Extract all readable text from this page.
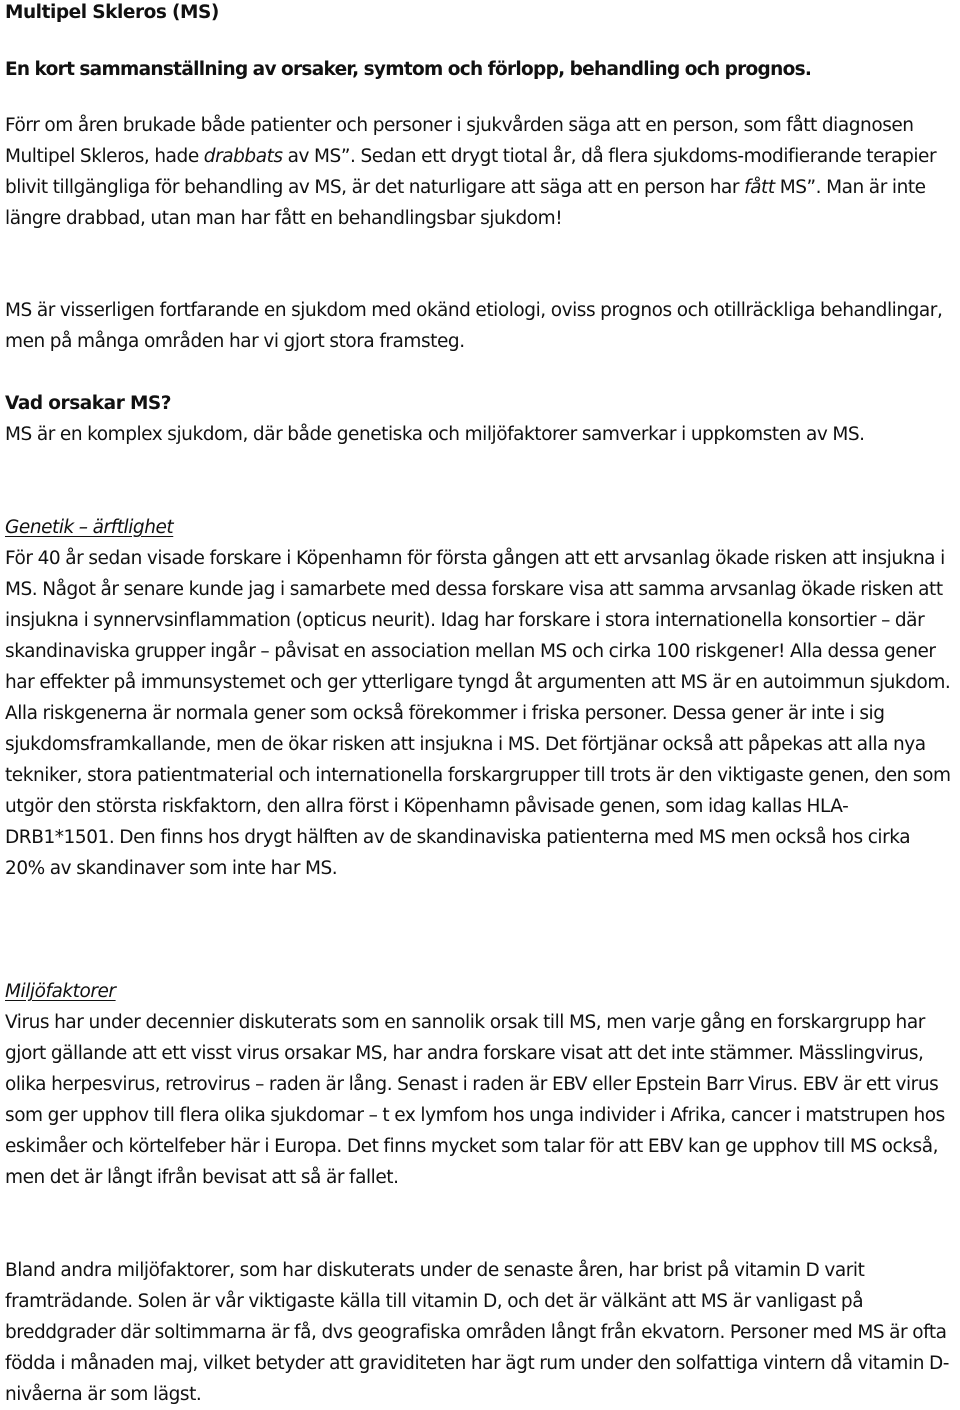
Multipel Skleros (MS)

En kort sammanställning av orsaker, symtom och förlopp, behandling och prognos.

Förr om åren brukade både patienter och personer i sjukvården säga att en person, som fått diagnosen Multipel Skleros, hade drabbats av MS”. Sedan ett drygt tiotal år, då flera sjukdoms-modifierande terapier blivit tillgängliga för behandling av MS, är det naturligare att säga att en person har fått MS”. Man är inte längre drabbad, utan man har fått en behandlingsbar sjukdom!

MS är visserligen fortfarande en sjukdom med okänd etiologi, oviss prognos och otillräckliga behandlingar, men på många områden har vi gjort stora framsteg.

Vad orsakar MS?

MS är en komplex sjukdom, där både genetiska och miljöfaktorer samverkar i uppkomsten av MS.

Genetik – ärftlighet

För 40 år sedan visade forskare i Köpenhamn för första gången att ett arvsanlag ökade risken att insjukna i MS. Något år senare kunde jag i samarbete med dessa forskare visa att samma arvsanlag ökade risken att insjukna i synnervsinflammation (opticus neurit). Idag har forskare i stora internationella konsortier – där skandinaviska grupper ingår – påvisat en association mellan MS och cirka 100 riskgener! Alla dessa gener har effekter på immunsystemet och ger ytterligare tyngd åt argumenten att MS är en autoimmun sjukdom. Alla riskgenerna är normala gener som också förekommer i friska personer. Dessa gener är inte i sig sjukdomsframkallande, men de ökar risken att insjukna i MS. Det förtjänar också att påpekas att alla nya tekniker, stora patientmaterial och internationella forskargrupper till trots är den viktigaste genen, den som utgör den största riskfaktorn, den allra först i Köpenhamn påvisade genen, som idag kallas HLA-DRB1*1501. Den finns hos drygt hälften av de skandinaviska patienterna med MS men också hos cirka 20% av skandinaver som inte har MS.

Miljöfaktorer

Virus har under decennier diskuterats som en sannolik orsak till MS, men varje gång en forskargrupp har gjort gällande att ett visst virus orsakar MS, har andra forskare visat att det inte stämmer. Mässlingvirus, olika herpesvirus, retrovirus – raden är lång. Senast i raden är EBV eller Epstein Barr Virus. EBV är ett virus som ger upphov till flera olika sjukdomar – t ex lymfom hos unga individer i Afrika, cancer i matstrupen hos eskimåer och körtelfeber här i Europa. Det finns mycket som talar för att EBV kan ge upphov till MS också, men det är långt ifrån bevisat att så är fallet.

Bland andra miljöfaktorer, som har diskuterats under de senaste åren, har brist på vitamin D varit framträdande. Solen är vår viktigaste källa till vitamin D, och det är välkänt att MS är vanligast på breddgrader där soltimmarna är få, dvs geografiska områden långt från ekvatorn. Personer med MS är ofta födda i månaden maj, vilket betyder att graviditeten har ägt rum under den solfattiga vintern då vitamin D-nivåerna är som lägst.
